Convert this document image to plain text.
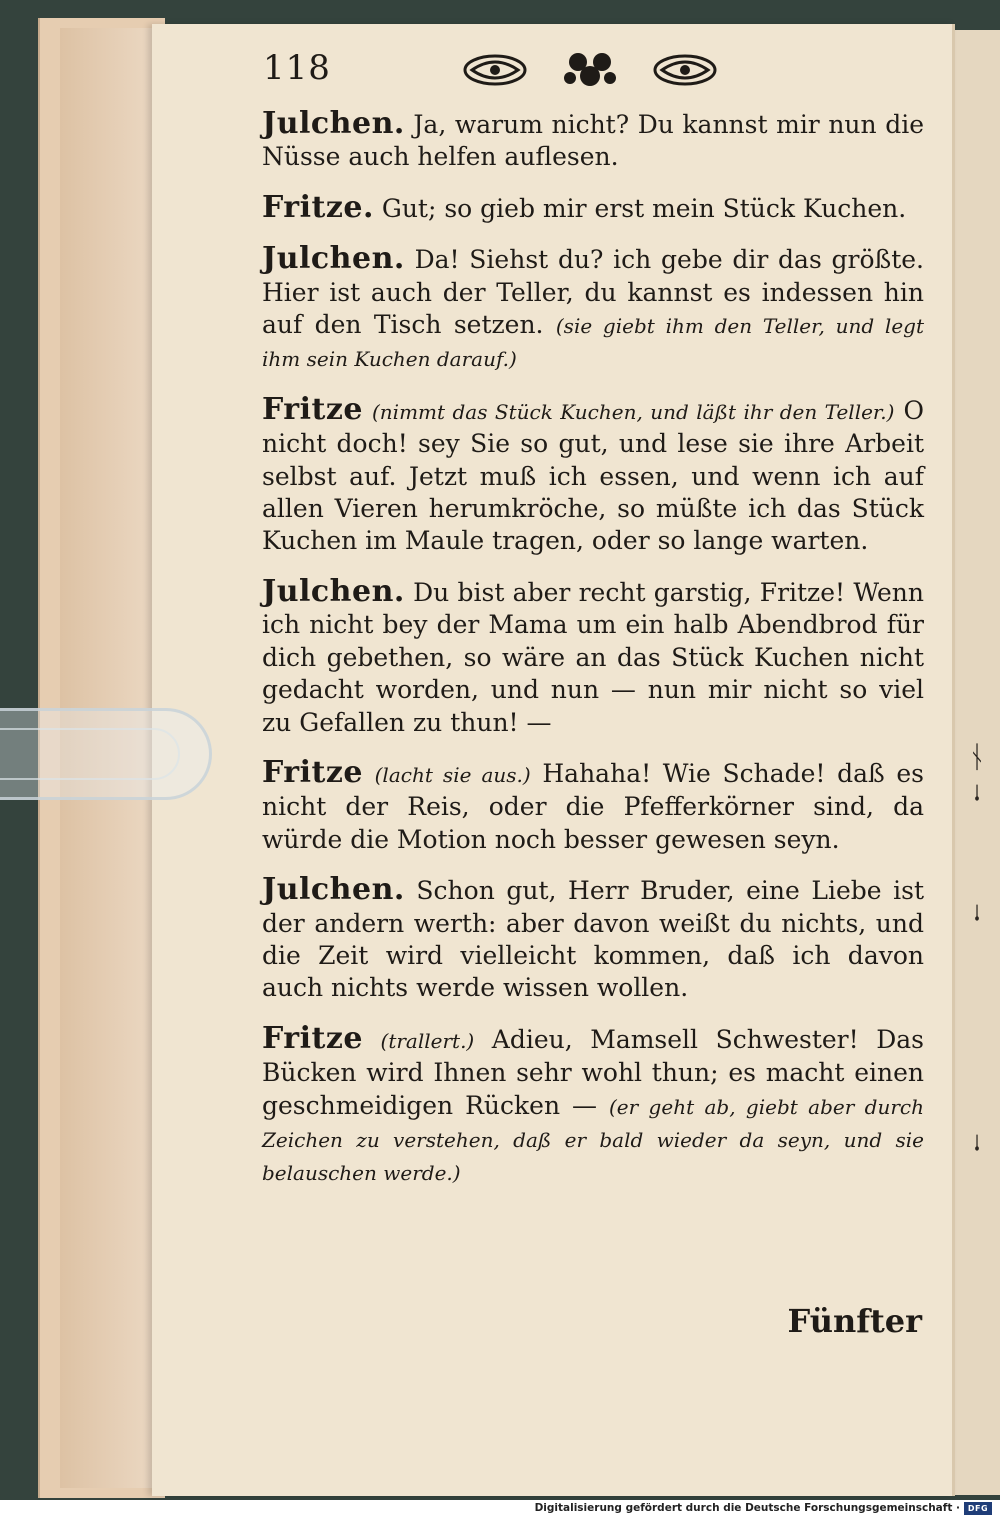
ᚾ
ᛍ
ᛍ
ᛍ
118

Julchen. Ja, warum nicht? Du kannst mir nun die Nüsse auch helfen auflesen.

Fritze. Gut; so gieb mir erst mein Stück Kuchen.

Julchen. Da! Siehst du? ich gebe dir das größte. Hier ist auch der Teller, du kannst es indessen hin auf den Tisch setzen. (sie giebt ihm den Teller, und legt ihm sein Kuchen darauf.)

Fritze (nimmt das Stück Kuchen, und läßt ihr den Teller.) O nicht doch! sey Sie so gut, und lese sie ihre Arbeit selbst auf. Jetzt muß ich essen, und wenn ich auf allen Vieren herumkröche, so müßte ich das Stück Kuchen im Maule tragen, oder so lange warten.

Julchen. Du bist aber recht garstig, Fritze! Wenn ich nicht bey der Mama um ein halb Abendbrod für dich gebethen, so wäre an das Stück Kuchen nicht gedacht worden, und nun — nun mir nicht so viel zu Gefallen zu thun! —

Fritze (lacht sie aus.) Hahaha! Wie Schade! daß es nicht der Reis, oder die Pfefferkörner sind, da würde die Motion noch besser gewesen seyn.

Julchen. Schon gut, Herr Bruder, eine Liebe ist der andern werth: aber davon weißt du nichts, und die Zeit wird vielleicht kommen, daß ich davon auch nichts werde wissen wollen.

Fritze (trallert.) Adieu, Mamsell Schwester! Das Bücken wird Ihnen sehr wohl thun; es macht einen geschmeidigen Rücken — (er geht ab, giebt aber durch Zeichen zu verstehen, daß er bald wieder da seyn, und sie belauschen werde.)

Fünfter
Digitalisierung gefördert durch die Deutsche Forschungsgemeinschaft · DFG
